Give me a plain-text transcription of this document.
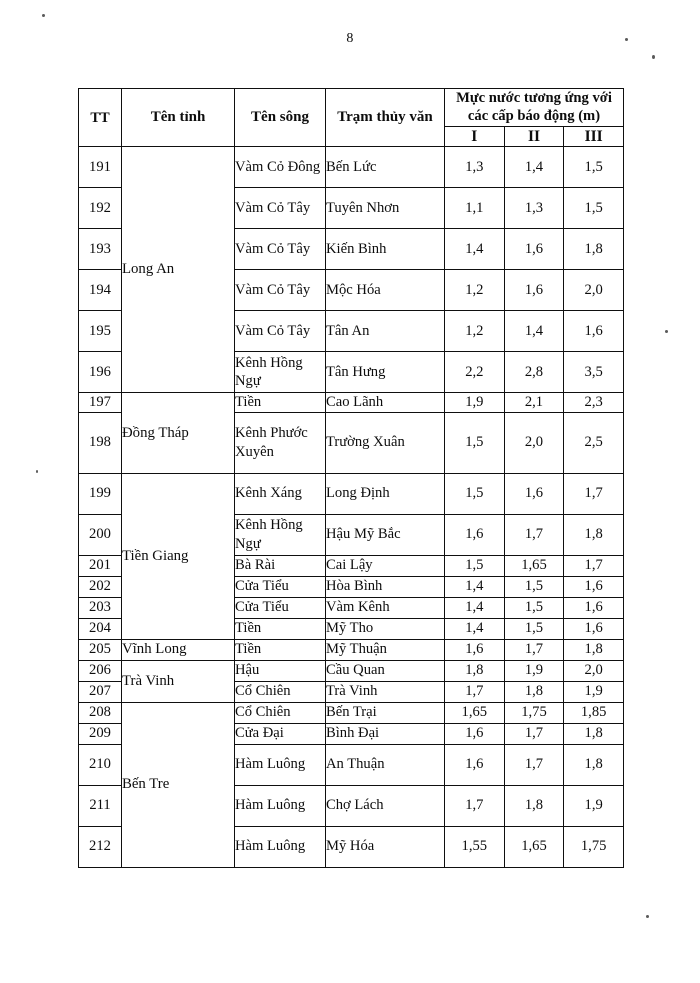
8
TT	Tên tỉnh	Tên sông	Trạm thủy văn	Mực nước tương ứng với các cấp báo động (m)		
				I	II	III
191	Long An	Vàm Cỏ Đông	Bến Lức	1,3	1,4	1,5
192		Vàm Cỏ Tây	Tuyên Nhơn	1,1	1,3	1,5
193		Vàm Cỏ Tây	Kiến Bình	1,4	1,6	1,8
194		Vàm Cỏ Tây	Mộc Hóa	1,2	1,6	2,0
195		Vàm Cỏ Tây	Tân An	1,2	1,4	1,6
196		Kênh Hồng Ngự	Tân Hưng	2,2	2,8	3,5
197	Đồng Tháp	Tiền	Cao Lãnh	1,9	2,1	2,3
198		Kênh Phước Xuyên	Trường Xuân	1,5	2,0	2,5
199	Tiền Giang	Kênh Xáng	Long Định	1,5	1,6	1,7
200		Kênh Hồng Ngự	Hậu Mỹ Bắc	1,6	1,7	1,8
201		Bà Rài	Cai Lậy	1,5	1,65	1,7
202		Cửa Tiểu	Hòa Bình	1,4	1,5	1,6
203		Cửa Tiểu	Vàm Kênh	1,4	1,5	1,6
204		Tiền	Mỹ Tho	1,4	1,5	1,6
205	Vĩnh Long	Tiền	Mỹ Thuận	1,6	1,7	1,8
206	Trà Vinh	Hậu	Cầu Quan	1,8	1,9	2,0
207		Cổ Chiên	Trà Vinh	1,7	1,8	1,9
208	Bến Tre	Cổ Chiên	Bến Trại	1,65	1,75	1,85
209		Cửa Đại	Bình Đại	1,6	1,7	1,8
210		Hàm Luông	An Thuận	1,6	1,7	1,8
211		Hàm Luông	Chợ Lách	1,7	1,8	1,9
212		Hàm Luông	Mỹ Hóa	1,55	1,65	1,75
